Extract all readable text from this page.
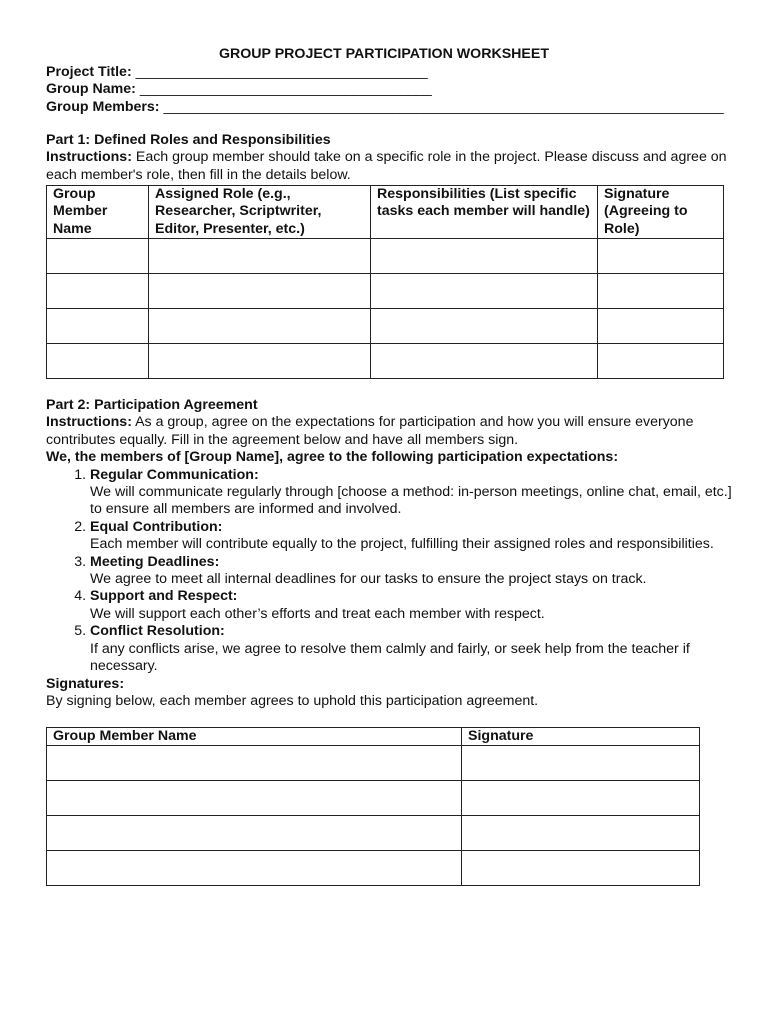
GROUP PROJECT PARTICIPATION WORKSHEET
Project Title: _____________________________________
Group Name: _____________________________________
Group Members: _______________________________________________________________________

Part 1: Defined Roles and Responsibilities

Instructions: Each group member should take on a specific role in the project. Please discuss and agree on each member's role, then fill in the details below.

Group Member Name	Assigned Role (e.g., Researcher, Scriptwriter, Editor, Presenter, etc.)	Responsibilities (List specific tasks each member will handle)	Signature (Agreeing to Role)

Part 2: Participation Agreement

Instructions: As a group, agree on the expectations for participation and how you will ensure everyone contributes equally. Fill in the agreement below and have all members sign.

We, the members of [Group Name], agree to the following participation expectations:

1. Regular Communication:
We will communicate regularly through [choose a method: in-person meetings, online chat, email, etc.] to ensure all members are informed and involved.
2. Equal Contribution:
Each member will contribute equally to the project, fulfilling their assigned roles and responsibilities.
3. Meeting Deadlines:
We agree to meet all internal deadlines for our tasks to ensure the project stays on track.
4. Support and Respect:
We will support each other’s efforts and treat each member with respect.
5. Conflict Resolution:
If any conflicts arise, we agree to resolve them calmly and fairly, or seek help from the teacher if necessary.

Signatures:

By signing below, each member agrees to uphold this participation agreement.

Group Member Name	Signature
